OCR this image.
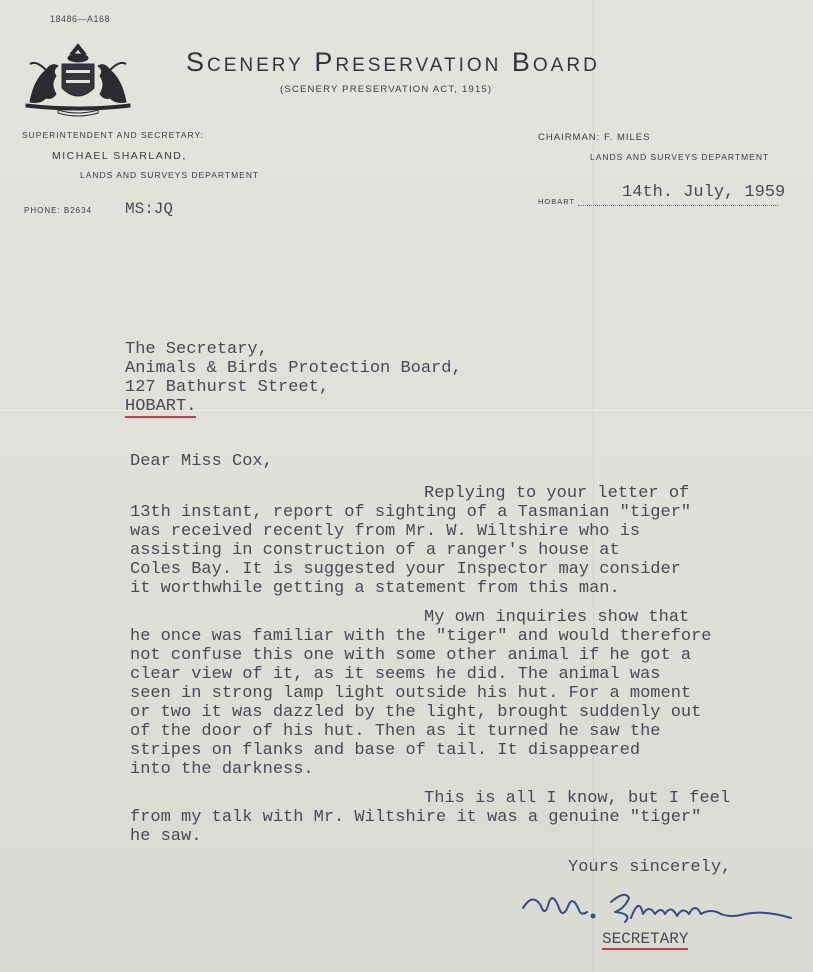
18486—A168
Scenery Preservation Board
(SCENERY PRESERVATION ACT, 1915)
SUPERINTENDENT AND SECRETARY:
MICHAEL SHARLAND,
LANDS AND SURVEYS DEPARTMENT
CHAIRMAN: F. MILES
LANDS AND SURVEYS DEPARTMENT
HOBART	14th. July, 1959
PHONE: B2634 MS:JQ
The Secretary,
Animals & Birds Protection Board,
127 Bathurst Street,
HOBART.
Dear Miss Cox,
Replying to your letter of
13th instant, report of sighting of a Tasmanian "tiger"
was received recently from Mr. W. Wiltshire who is
assisting in construction of a ranger's house at
Coles Bay. It is suggested your Inspector may consider
it worthwhile getting a statement from this man.
My own inquiries show that
he once was familiar with the "tiger" and would therefore
not confuse this one with some other animal if he got a
clear view of it, as it seems he did. The animal was
seen in strong lamp light outside his hut. For a moment
or two it was dazzled by the light, brought suddenly out
of the door of his hut. Then as it turned he saw the
stripes on flanks and base of tail. It disappeared
into the darkness.
This is all I know, but I feel
from my talk with Mr. Wiltshire it was a genuine "tiger"
he saw.
Yours sincerely,
SECRETARY
